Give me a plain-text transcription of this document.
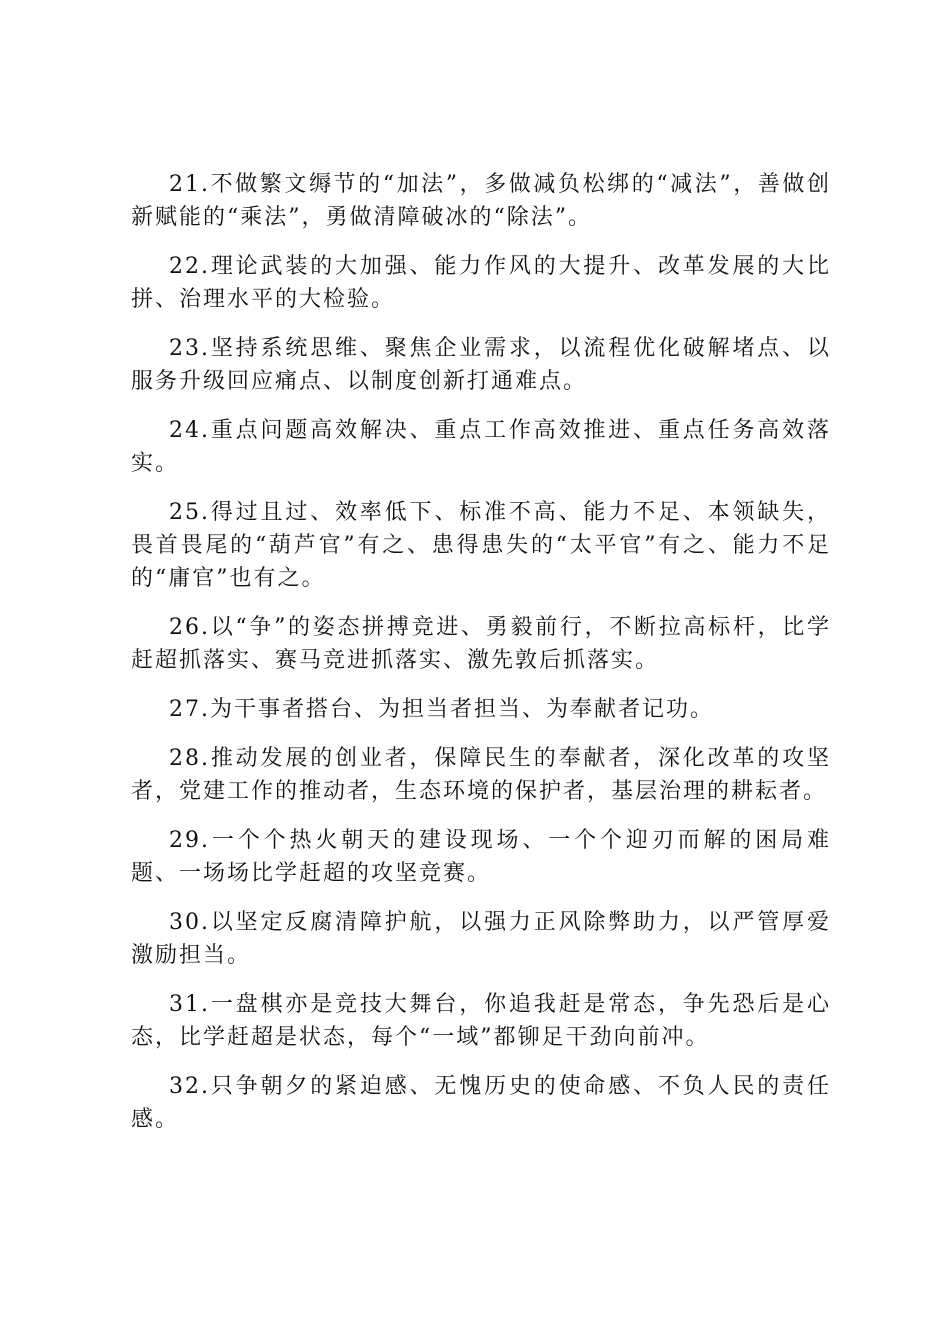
21.不做繁文缛节的“加法”，多做减负松绑的“减法”，善做创新赋能的“乘法”，勇做清障破冰的“除法”。

22.理论武装的大加强、能力作风的大提升、改革发展的大比拼、治理水平的大检验。

23.坚持系统思维、聚焦企业需求，以流程优化破解堵点、以服务升级回应痛点、以制度创新打通难点。

24.重点问题高效解决、重点工作高效推进、重点任务高效落实。

25.得过且过、效率低下、标准不高、能力不足、本领缺失，畏首畏尾的“葫芦官”有之、患得患失的“太平官”有之、能力不足的“庸官”也有之。

26.以“争”的姿态拼搏竞进、勇毅前行，不断拉高标杆，比学赶超抓落实、赛马竞进抓落实、激先敦后抓落实。

27.为干事者搭台、为担当者担当、为奉献者记功。

28.推动发展的创业者，保障民生的奉献者，深化改革的攻坚者，党建工作的推动者，生态环境的保护者，基层治理的耕耘者。

29.一个个热火朝天的建设现场、一个个迎刃而解的困局难题、一场场比学赶超的攻坚竞赛。

30.以坚定反腐清障护航，以强力正风除弊助力，以严管厚爱激励担当。

31.一盘棋亦是竞技大舞台，你追我赶是常态，争先恐后是心态，比学赶超是状态，每个“一域”都铆足干劲向前冲。

32.只争朝夕的紧迫感、无愧历史的使命感、不负人民的责任感。
